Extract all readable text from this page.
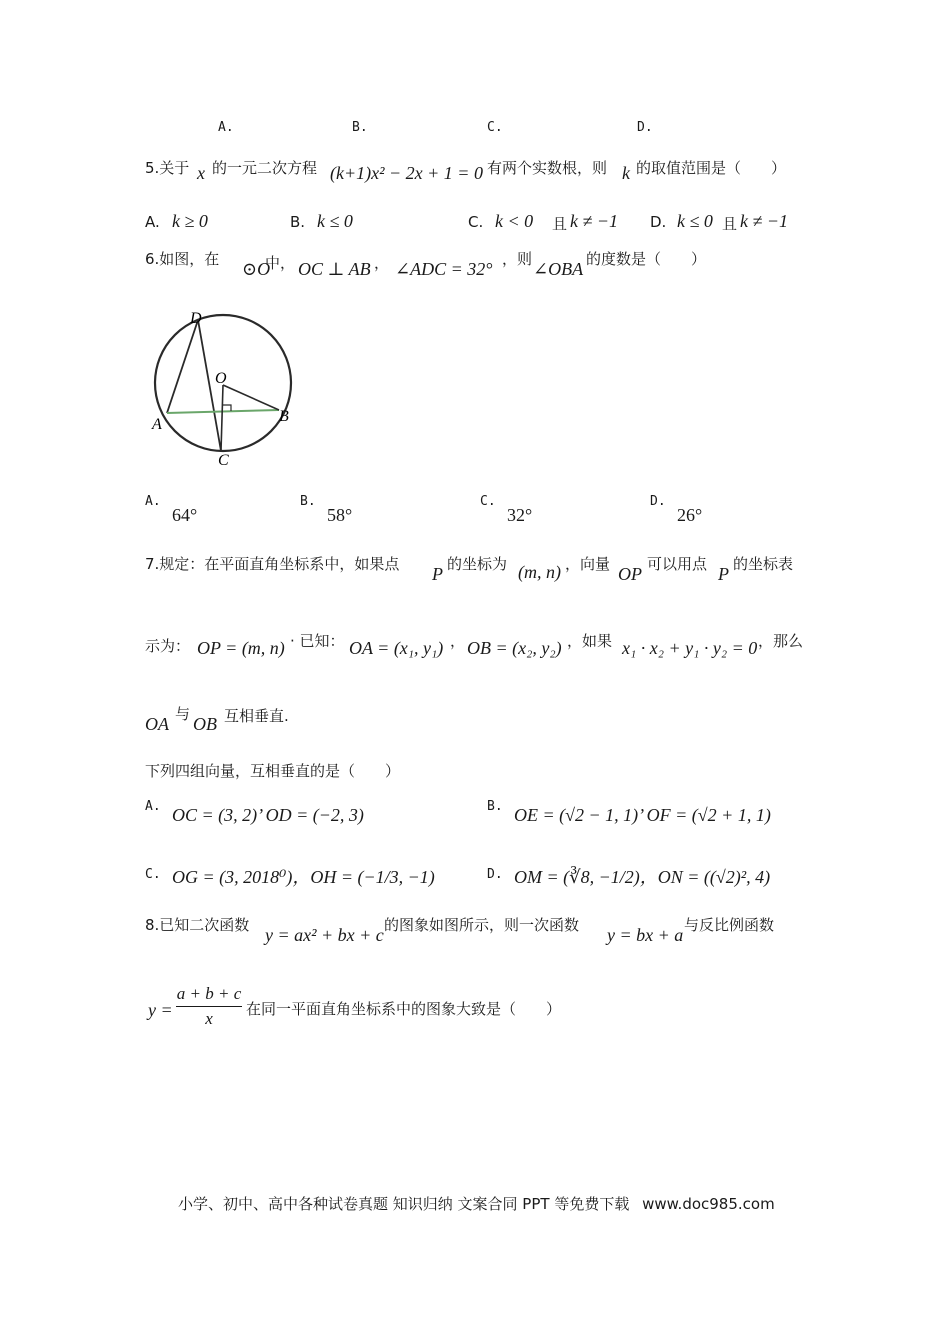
A.	B.	C.	D.
5.关于 x 的一元二次方程 (k+1)x² − 2x + 1 = 0 有两个实数根，则 k 的取值范围是（　　）
A. k ≥ 0	B. k ≤ 0	C. k < 0 且 k ≠ −1 D. k ≤ 0 且 k ≠ −1
6.如图，在 ⊙O
中， OC ⊥ AB ， ∠ADC = 32° ，则 ∠OBA 的度数是（　　）
D
O
A	B
C
A.
64°
B.
58°
C.
32°
D.
26°
7.规定：在平面直角坐标系中，如果点 P 的坐标为 (m, n) ，向量 OP 可以用点 P 的坐标表
示为： OP = (m, n) · 已知： OA = (x₁, y₁) ， OB = (x₂, y₂) ，如果 x₁ · x₂ + y₁ · y₂ = 0 ，那么
OA 与 OB 互相垂直.
下列四组向量，互相垂直的是（　　）
A. OC = (3, 2)’ OD = (−2, 3)	B. OE = (√2 − 1, 1)’ OF = (√2 + 1, 1)
C. OG = (3, 2018⁰)，OH = (−1/3, −1)	D. OM = (∛8, −1/2)，ON = ((√2)², 4)
8.已知二次函数 y = ax² + bx + c 的图象如图所示，则一次函数 y = bx + a 与反比例函数
y =
a + b + c
x	在同一平面直角坐标系中的图象大致是（　　）
小学、初中、高中各种试卷真题 知识归纳 文案合同 PPT 等免费下载 www.doc985.com
